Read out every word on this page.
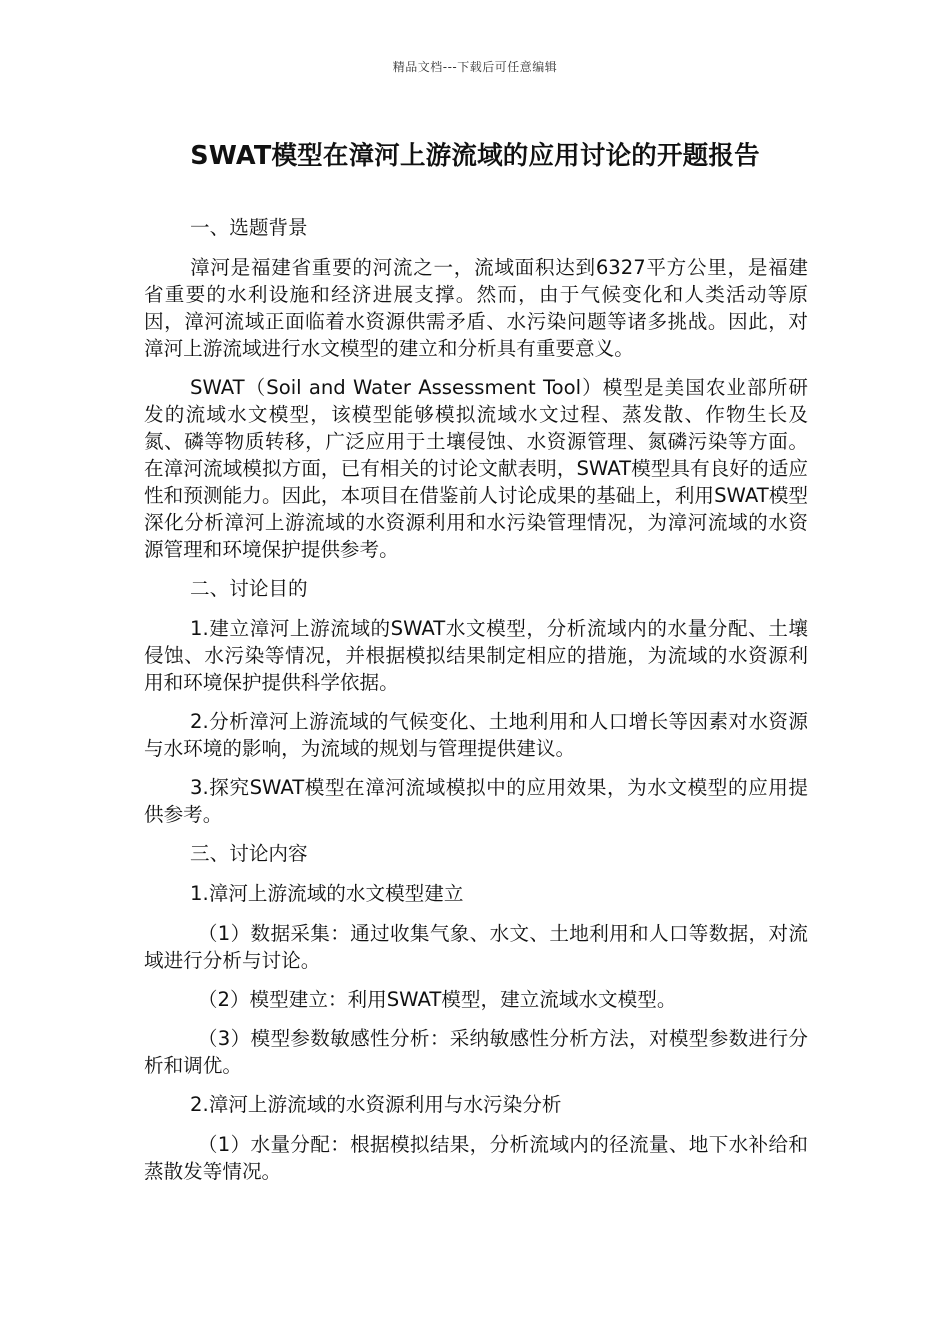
精品文档---下载后可任意编辑
SWAT模型在漳河上游流域的应用讨论的开题报告

一、选题背景

漳河是福建省重要的河流之一，流域面积达到6327平方公里，是福建省重要的水利设施和经济进展支撑。然而，由于气候变化和人类活动等原因，漳河流域正面临着水资源供需矛盾、水污染问题等诸多挑战。因此，对漳河上游流域进行水文模型的建立和分析具有重要意义。

SWAT（Soil and Water Assessment Tool）模型是美国农业部所研发的流域水文模型，该模型能够模拟流域水文过程、蒸发散、作物生长及氮、磷等物质转移，广泛应用于土壤侵蚀、水资源管理、氮磷污染等方面。在漳河流域模拟方面，已有相关的讨论文献表明，SWAT模型具有良好的适应性和预测能力。因此，本项目在借鉴前人讨论成果的基础上，利用SWAT模型深化分析漳河上游流域的水资源利用和水污染管理情况，为漳河流域的水资源管理和环境保护提供参考。

二、讨论目的

1.建立漳河上游流域的SWAT水文模型，分析流域内的水量分配、土壤侵蚀、水污染等情况，并根据模拟结果制定相应的措施，为流域的水资源利用和环境保护提供科学依据。

2.分析漳河上游流域的气候变化、土地利用和人口增长等因素对水资源与水环境的影响，为流域的规划与管理提供建议。

3.探究SWAT模型在漳河流域模拟中的应用效果，为水文模型的应用提供参考。

三、讨论内容

1.漳河上游流域的水文模型建立

（1）数据采集：通过收集气象、水文、土地利用和人口等数据，对流域进行分析与讨论。

（2）模型建立：利用SWAT模型，建立流域水文模型。

（3）模型参数敏感性分析：采纳敏感性分析方法，对模型参数进行分析和调优。

2.漳河上游流域的水资源利用与水污染分析

（1）水量分配：根据模拟结果，分析流域内的径流量、地下水补给和蒸散发等情况。
